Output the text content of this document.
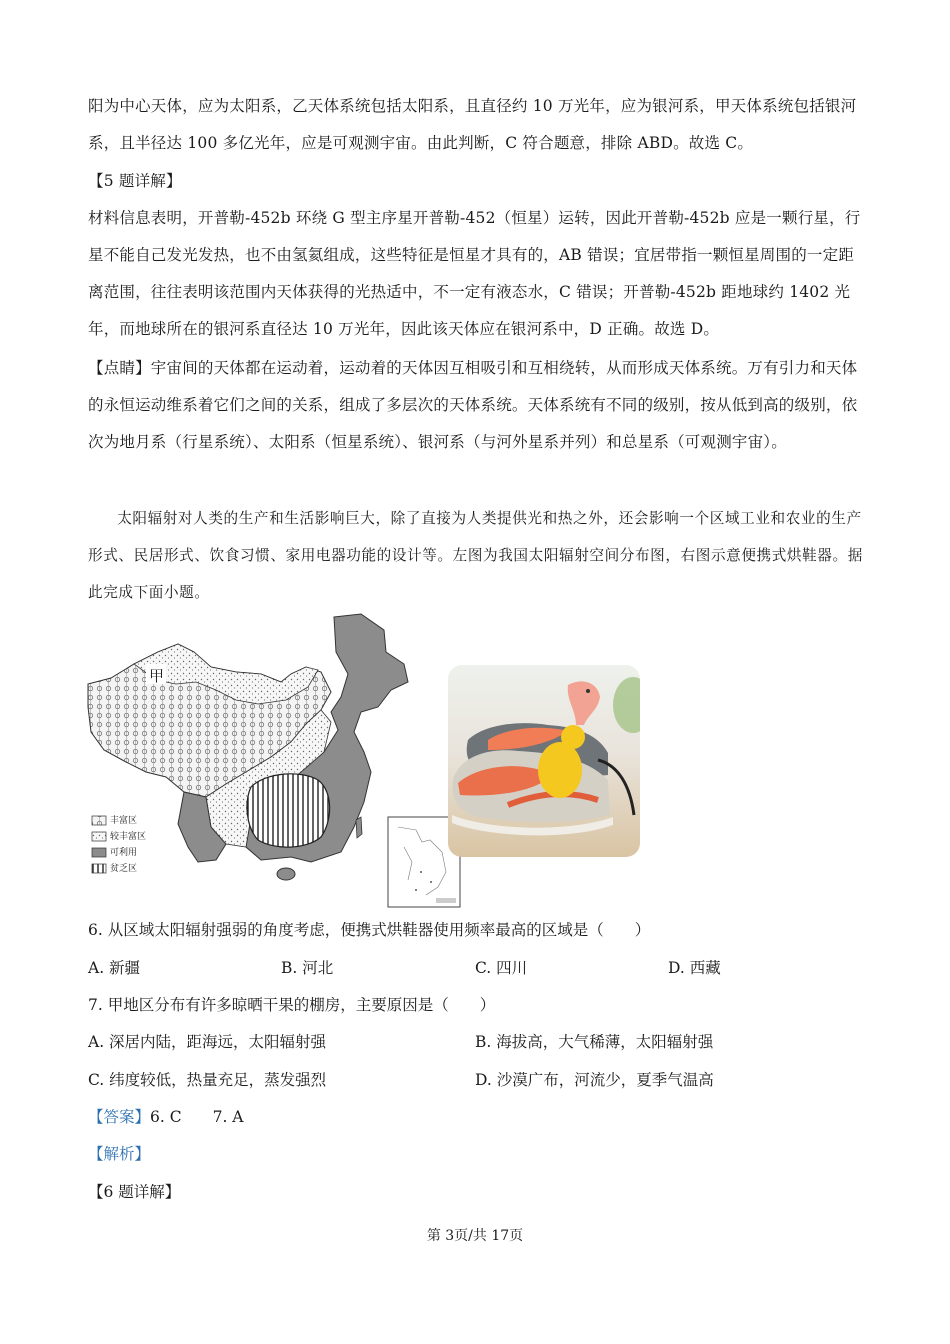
阳为中心天体，应为太阳系，乙天体系统包括太阳系，且直径约 10 万光年，应为银河系，甲天体系统包括银河系，且半径达 100 多亿光年，应是可观测宇宙。由此判断，C 符合题意，排除 ABD。故选 C。

【5 题详解】

材料信息表明，开普勒-452b 环绕 G 型主序星开普勒-452（恒星）运转，因此开普勒-452b 应是一颗行星，行星不能自己发光发热，也不由氢氦组成，这些特征是恒星才具有的，AB 错误；宜居带指一颗恒星周围的一定距离范围，往往表明该范围内天体获得的光热适中，不一定有液态水，C 错误；开普勒-452b 距地球约 1402 光年，而地球所在的银河系直径达 10 万光年，因此该天体应在银河系中，D 正确。故选 D。

【点睛】宇宙间的天体都在运动着，运动着的天体因互相吸引和互相绕转，从而形成天体系统。万有引力和天体的永恒运动维系着它们之间的关系，组成了多层次的天体系统。天体系统有不同的级别，按从低到高的级别，依次为地月系（行星系统）、太阳系（恒星系统）、银河系（与河外星系并列）和总星系（可观测宇宙）。

太阳辐射对人类的生产和生活影响巨大，除了直接为人类提供光和热之外，还会影响一个区域工业和农业的生产形式、民居形式、饮食习惯、家用电器功能的设计等。左图为我国太阳辐射空间分布图，右图示意便携式烘鞋器。据此完成下面小题。

甲
丰富区
较丰富区
可利用
贫乏区

6. 从区域太阳辐射强弱的角度考虑，便携式烘鞋器使用频率最高的区域是（　　）

A. 新疆	B. 河北	C. 四川	D. 西藏

7. 甲地区分布有许多晾晒干果的棚房，主要原因是（　　）

A. 深居内陆，距海远，太阳辐射强	B. 海拔高，大气稀薄，太阳辐射强
C. 纬度较低，热量充足，蒸发强烈	D. 沙漠广布，河流少，夏季气温高

【答案】6. C　　7. A

【解析】

【6 题详解】

第 3页/共 17页
